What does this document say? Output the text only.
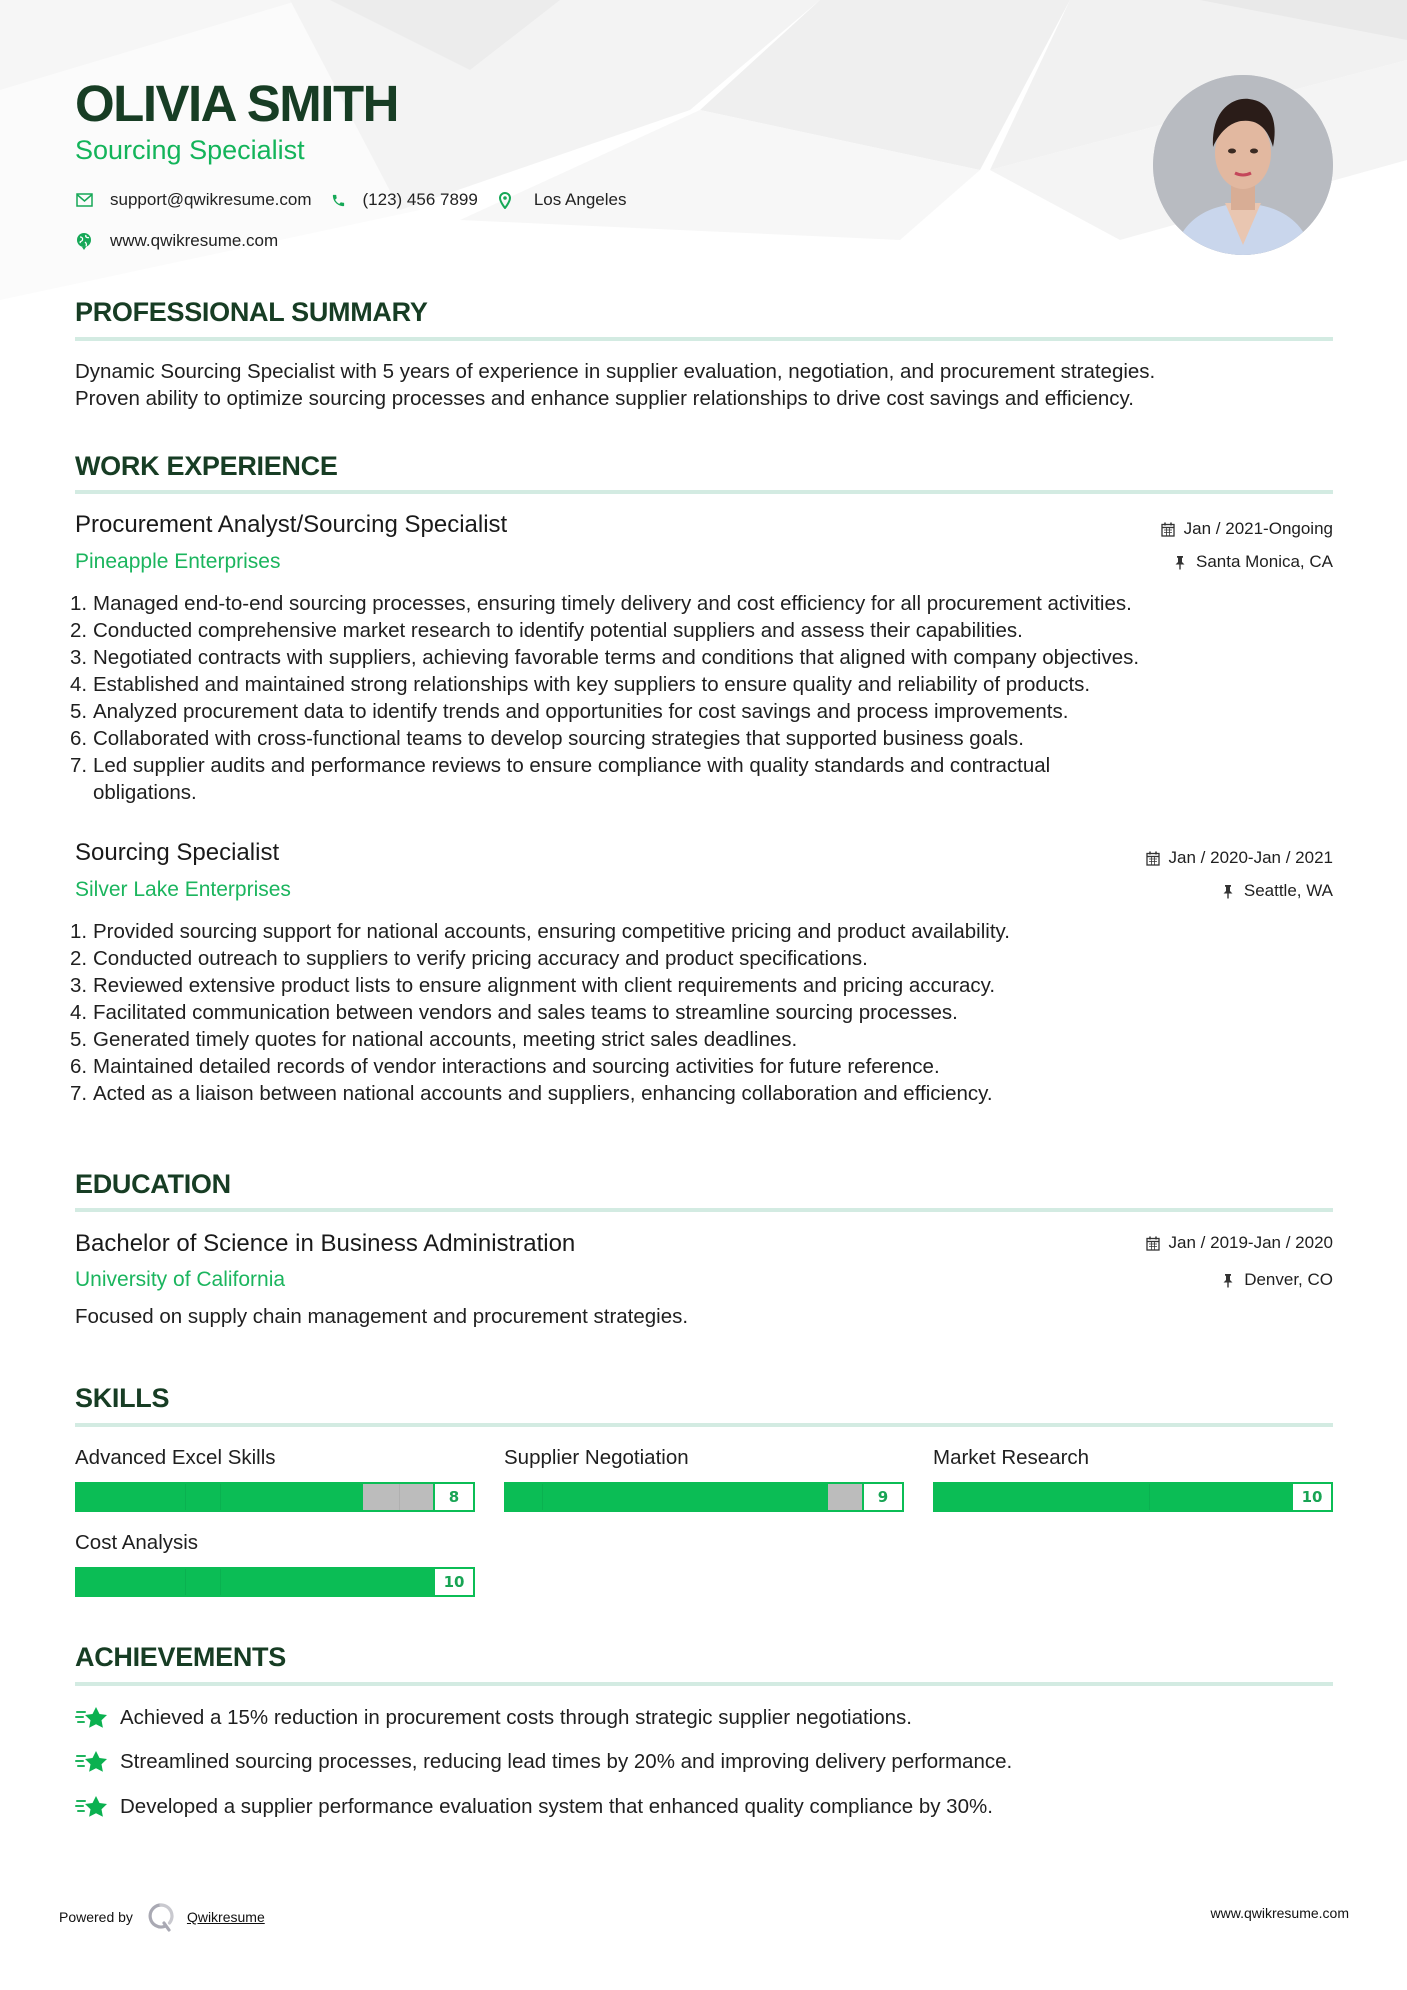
OLIVIA SMITH
Sourcing Specialist
support@qwikresume.com	(123) 456 7899	Los Angeles
www.qwikresume.com
PROFESSIONAL SUMMARY
Dynamic Sourcing Specialist with 5 years of experience in supplier evaluation, negotiation, and procurement strategies.
Proven ability to optimize sourcing processes and enhance supplier relationships to drive cost savings and efficiency.
WORK EXPERIENCE
Procurement Analyst/Sourcing Specialist
Pineapple Enterprises
Jan / 2021-Ongoing
Santa Monica, CA
1. Managed end-to-end sourcing processes, ensuring timely delivery and cost efficiency for all procurement activities.
2. Conducted comprehensive market research to identify potential suppliers and assess their capabilities.
3. Negotiated contracts with suppliers, achieving favorable terms and conditions that aligned with company objectives.
4. Established and maintained strong relationships with key suppliers to ensure quality and reliability of products.
5. Analyzed procurement data to identify trends and opportunities for cost savings and process improvements.
6. Collaborated with cross-functional teams to develop sourcing strategies that supported business goals.
7. Led supplier audits and performance reviews to ensure compliance with quality standards and contractual
obligations.
Sourcing Specialist
Silver Lake Enterprises
Jan / 2020-Jan / 2021
Seattle, WA
1. Provided sourcing support for national accounts, ensuring competitive pricing and product availability.
2. Conducted outreach to suppliers to verify pricing accuracy and product specifications.
3. Reviewed extensive product lists to ensure alignment with client requirements and pricing accuracy.
4. Facilitated communication between vendors and sales teams to streamline sourcing processes.
5. Generated timely quotes for national accounts, meeting strict sales deadlines.
6. Maintained detailed records of vendor interactions and sourcing activities for future reference.
7. Acted as a liaison between national accounts and suppliers, enhancing collaboration and efficiency.
EDUCATION
Bachelor of Science in Business Administration
University of California
Jan / 2019-Jan / 2020
Denver, CO
Focused on supply chain management and procurement strategies.
SKILLS
Advanced Excel Skills
8
Supplier Negotiation
9
Market Research
10
Cost Analysis
10
ACHIEVEMENTS
Achieved a 15% reduction in procurement costs through strategic supplier negotiations.
Streamlined sourcing processes, reducing lead times by 20% and improving delivery performance.
Developed a supplier performance evaluation system that enhanced quality compliance by 30%.
Powered by	Qwikresume	www.qwikresume.com
